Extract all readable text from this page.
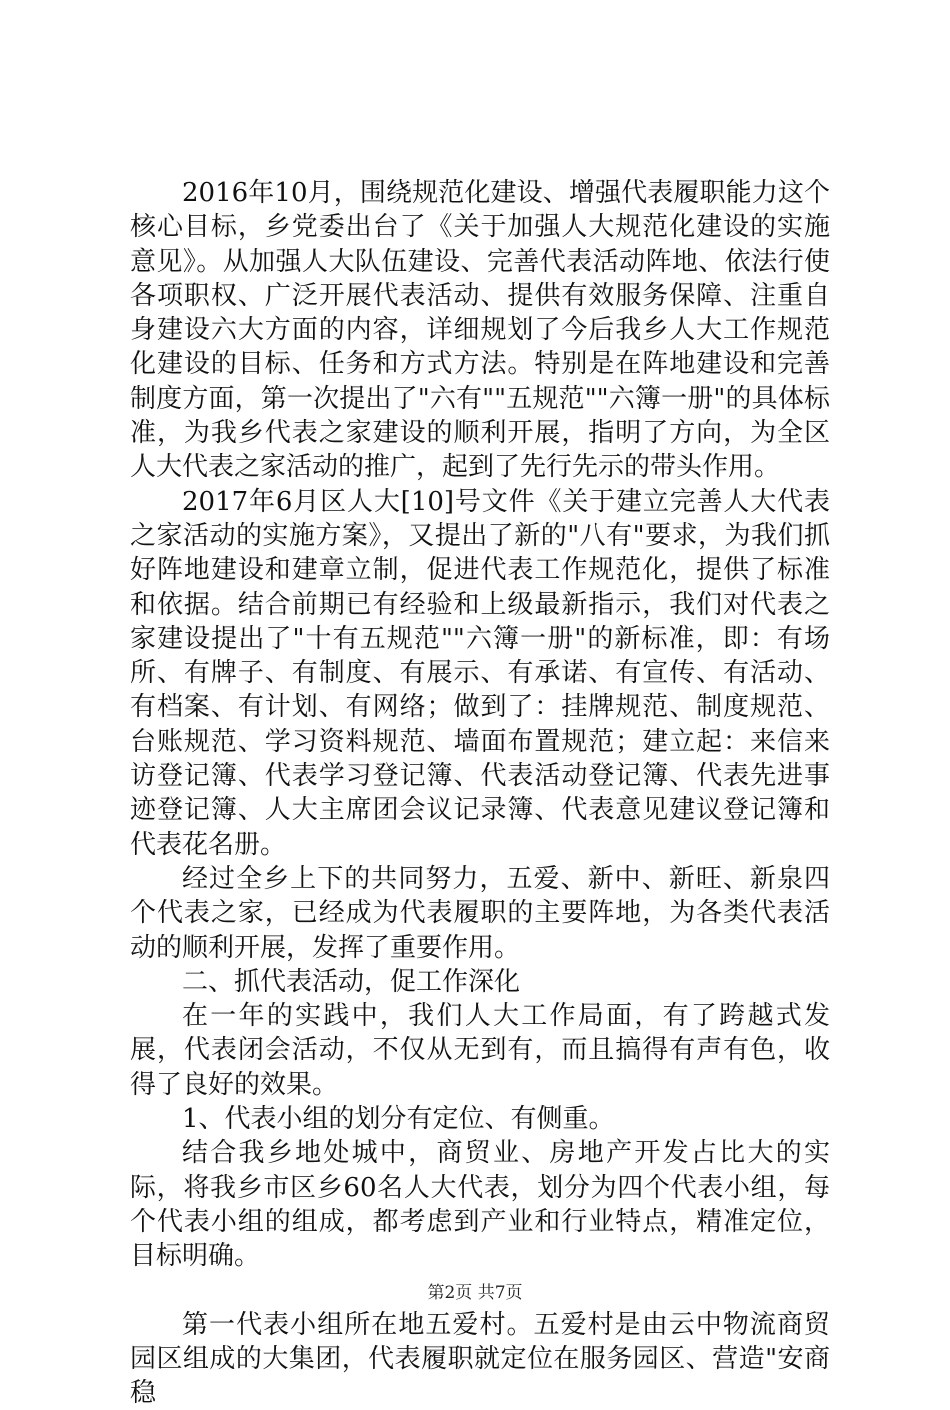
2016年10月，围绕规范化建设、增强代表履职能力这个核心目标，乡党委出台了《关于加强人大规范化建设的实施意见》。从加强人大队伍建设、完善代表活动阵地、依法行使各项职权、广泛开展代表活动、提供有效服务保障、注重自身建设六大方面的内容，详细规划了今后我乡人大工作规范化建设的目标、任务和方式方法。特别是在阵地建设和完善制度方面，第一次提出了"六有""五规范""六簿一册"的具体标准，为我乡代表之家建设的顺利开展，指明了方向，为全区人大代表之家活动的推广，起到了先行先示的带头作用。

2017年6月区人大[10]号文件《关于建立完善人大代表之家活动的实施方案》，又提出了新的"八有"要求，为我们抓好阵地建设和建章立制，促进代表工作规范化，提供了标准和依据。结合前期已有经验和上级最新指示，我们对代表之家建设提出了"十有五规范""六簿一册"的新标准，即：有场所、有牌子、有制度、有展示、有承诺、有宣传、有活动、有档案、有计划、有网络；做到了：挂牌规范、制度规范、台账规范、学习资料规范、墙面布置规范；建立起：来信来访登记簿、代表学习登记簿、代表活动登记簿、代表先进事迹登记簿、人大主席团会议记录簿、代表意见建议登记簿和代表花名册。

经过全乡上下的共同努力，五爱、新中、新旺、新泉四个代表之家，已经成为代表履职的主要阵地，为各类代表活动的顺利开展，发挥了重要作用。

二、抓代表活动，促工作深化

在一年的实践中，我们人大工作局面，有了跨越式发展，代表闭会活动，不仅从无到有，而且搞得有声有色，收得了良好的效果。

1、代表小组的划分有定位、有侧重。

结合我乡地处城中，商贸业、房地产开发占比大的实际，将我乡市区乡60名人大代表，划分为四个代表小组，每个代表小组的组成，都考虑到产业和行业特点，精准定位，目标明确。

第一代表小组所在地五爱村。五爱村是由云中物流商贸园区组成的大集团，代表履职就定位在服务园区、营造"安商稳

第2页 共7页
